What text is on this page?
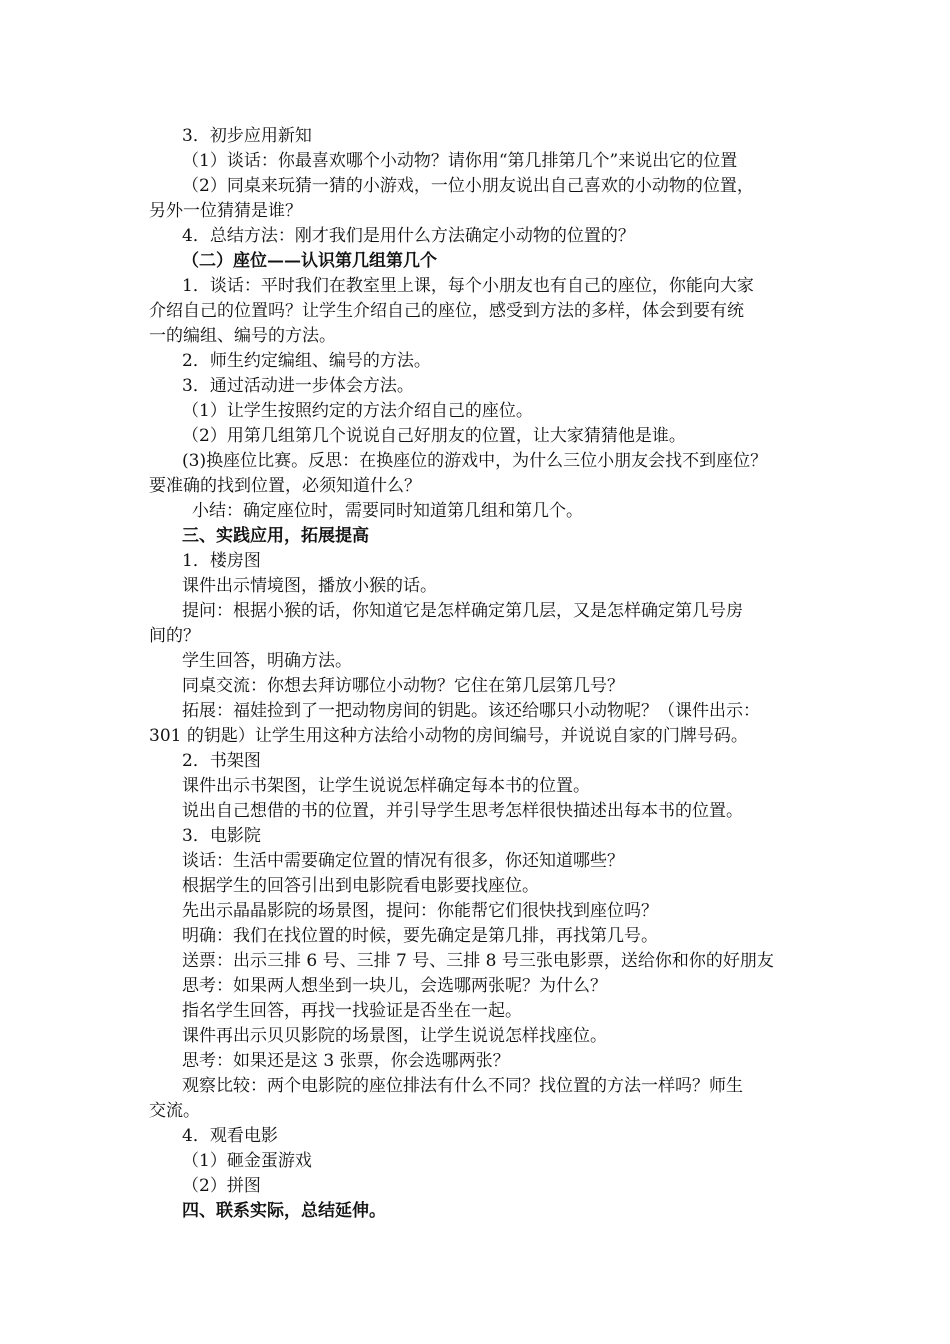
3．初步应用新知
（1）谈话：你最喜欢哪个小动物？请你用“第几排第几个”来说出它的位置
（2）同桌来玩猜一猜的小游戏，一位小朋友说出自己喜欢的小动物的位置，
另外一位猜猜是谁？
4．总结方法：刚才我们是用什么方法确定小动物的位置的？
（二）座位——认识第几组第几个
1．谈话：平时我们在教室里上课，每个小朋友也有自己的座位，你能向大家
介绍自己的位置吗？让学生介绍自己的座位，感受到方法的多样，体会到要有统
一的编组、编号的方法。
2．师生约定编组、编号的方法。
3．通过活动进一步体会方法。
（1）让学生按照约定的方法介绍自己的座位。
（2）用第几组第几个说说自己好朋友的位置，让大家猜猜他是谁。
(3)换座位比赛。反思：在换座位的游戏中，为什么三位小朋友会找不到座位？
要准确的找到位置，必须知道什么？
小结：确定座位时，需要同时知道第几组和第几个。
三、实践应用，拓展提高
1．楼房图
课件出示情境图，播放小猴的话。
提问：根据小猴的话，你知道它是怎样确定第几层，又是怎样确定第几号房
间的？
学生回答，明确方法。
同桌交流：你想去拜访哪位小动物？它住在第几层第几号？
拓展：福娃捡到了一把动物房间的钥匙。该还给哪只小动物呢？（课件出示：
301 的钥匙）让学生用这种方法给小动物的房间编号，并说说自家的门牌号码。
2．书架图
课件出示书架图，让学生说说怎样确定每本书的位置。
说出自己想借的书的位置，并引导学生思考怎样很快描述出每本书的位置。
3．电影院
谈话：生活中需要确定位置的情况有很多，你还知道哪些？
根据学生的回答引出到电影院看电影要找座位。
先出示晶晶影院的场景图，提问：你能帮它们很快找到座位吗？
明确：我们在找位置的时候，要先确定是第几排，再找第几号。
送票：出示三排 6 号、三排 7 号、三排 8 号三张电影票，送给你和你的好朋友
思考：如果两人想坐到一块儿，会选哪两张呢？为什么？
指名学生回答，再找一找验证是否坐在一起。
课件再出示贝贝影院的场景图，让学生说说怎样找座位。
思考：如果还是这 3 张票，你会选哪两张？
观察比较：两个电影院的座位排法有什么不同？找位置的方法一样吗？师生
交流。
4．观看电影
（1）砸金蛋游戏
（2）拼图
四、联系实际，总结延伸。
